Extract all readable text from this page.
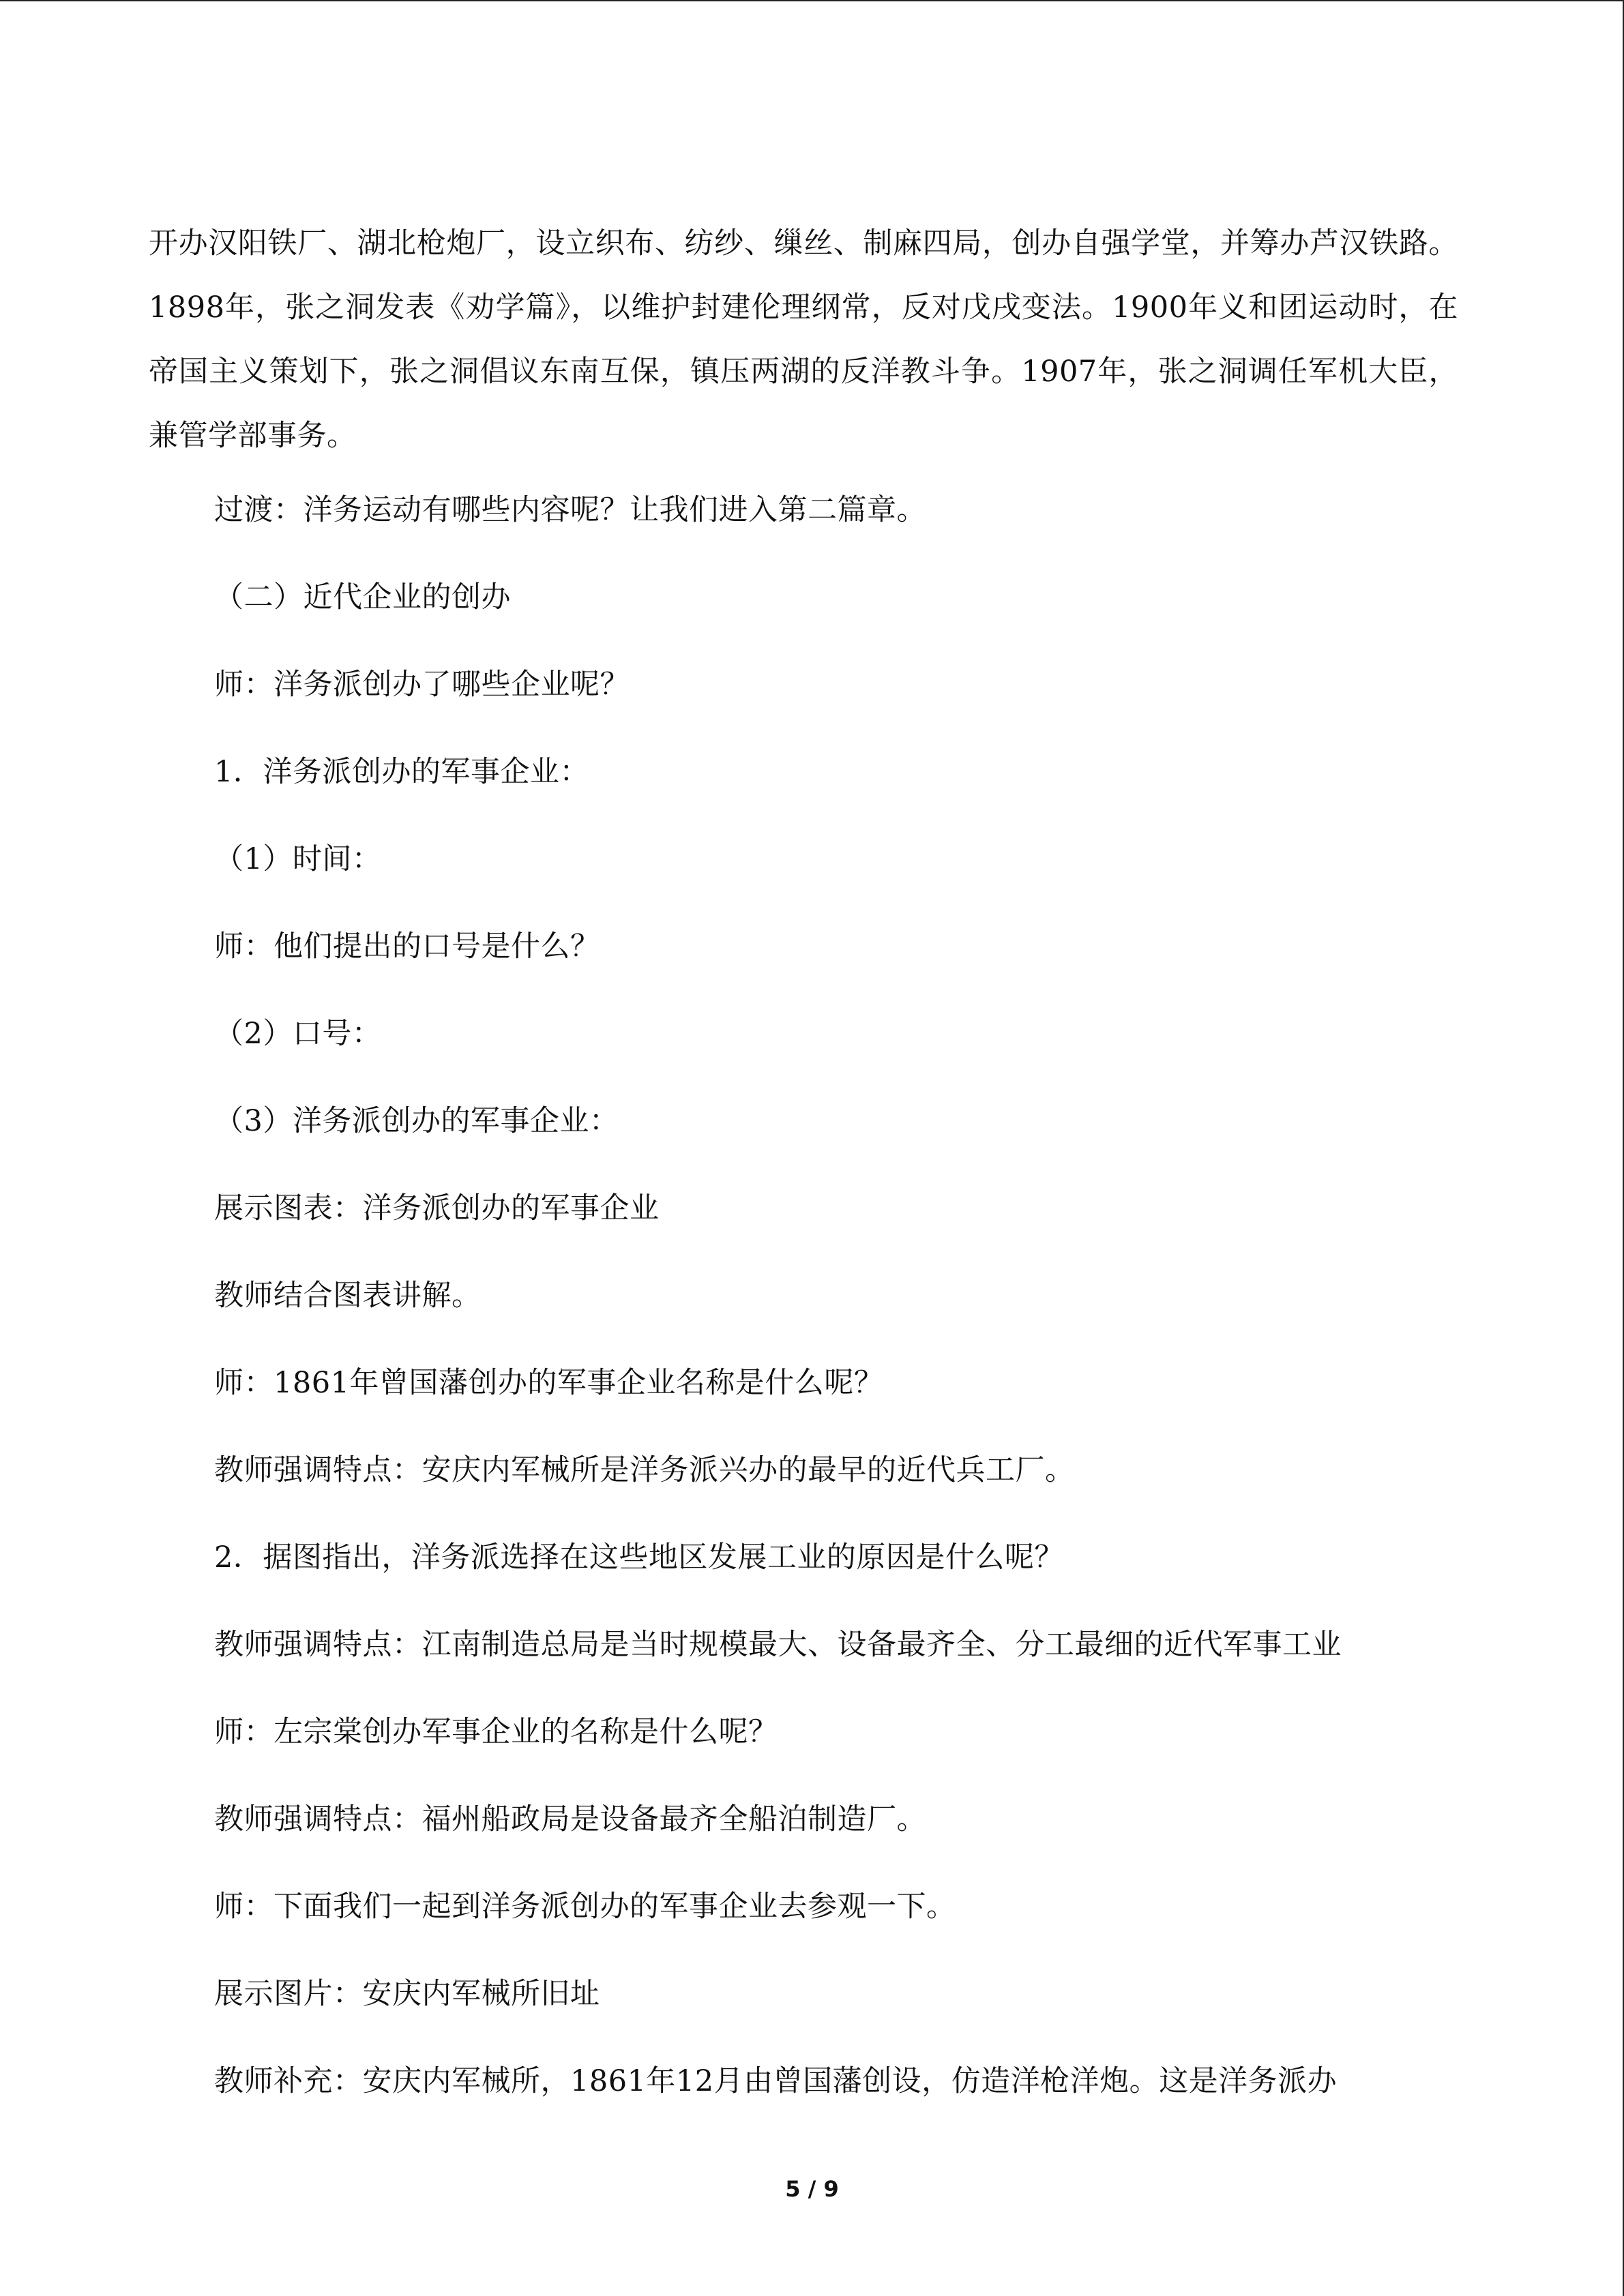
开办汉阳铁厂、湖北枪炮厂，设立织布、纺纱、缫丝、制麻四局，创办自强学堂，并筹办芦汉铁路。1898年，张之洞发表《劝学篇》，以维护封建伦理纲常，反对戊戌变法。1900年义和团运动时，在帝国主义策划下，张之洞倡议东南互保，镇压两湖的反洋教斗争。1907年，张之洞调任军机大臣，兼管学部事务。

过渡：洋务运动有哪些内容呢？让我们进入第二篇章。

（二）近代企业的创办

师：洋务派创办了哪些企业呢？

1．洋务派创办的军事企业：

（1）时间：

师：他们提出的口号是什么？

（2）口号：

（3）洋务派创办的军事企业：

展示图表：洋务派创办的军事企业

教师结合图表讲解。

师：1861年曾国藩创办的军事企业名称是什么呢？

教师强调特点：安庆内军械所是洋务派兴办的最早的近代兵工厂。

2．据图指出，洋务派选择在这些地区发展工业的原因是什么呢？

教师强调特点：江南制造总局是当时规模最大、设备最齐全、分工最细的近代军事工业

师：左宗棠创办军事企业的名称是什么呢？

教师强调特点：福州船政局是设备最齐全船泊制造厂。

师：下面我们一起到洋务派创办的军事企业去参观一下。

展示图片：安庆内军械所旧址

教师补充：安庆内军械所，1861年12月由曾国藩创设，仿造洋枪洋炮。这是洋务派办

5 / 9
